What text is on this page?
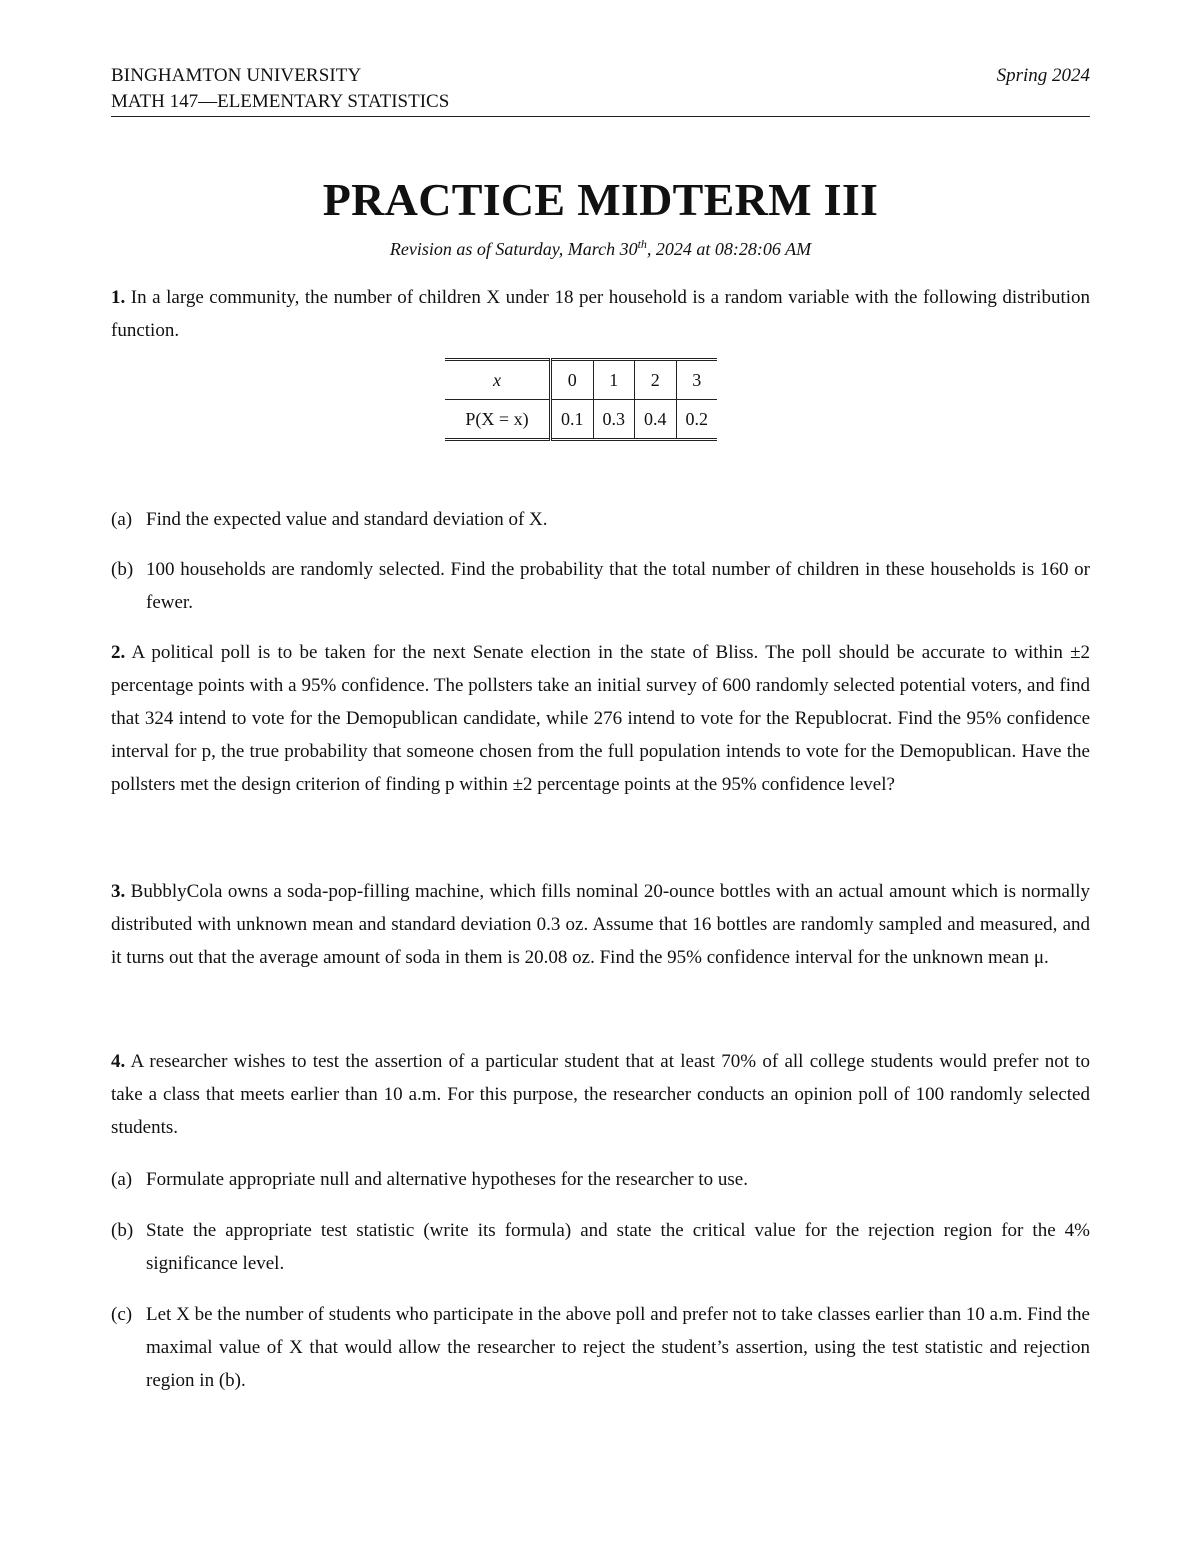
BINGHAMTON UNIVERSITY
MATH 147—ELEMENTARY STATISTICS
Spring 2024
PRACTICE MIDTERM III
Revision as of Saturday, March 30th, 2024 at 08:28:06 AM

1. In a large community, the number of children X under 18 per household is a random variable with the following distribution function.

x	0	1	2	3
P(X = x)	0.1	0.3	0.4	0.2
(a) Find the expected value and standard deviation of X.
(b) 100 households are randomly selected. Find the probability that the total number of children in these households is 160 or fewer.

2. A political poll is to be taken for the next Senate election in the state of Bliss. The poll should be accurate to within ±2 percentage points with a 95% confidence. The pollsters take an initial survey of 600 randomly selected potential voters, and find that 324 intend to vote for the Demopublican candidate, while 276 intend to vote for the Republocrat. Find the 95% confidence interval for p, the true probability that someone chosen from the full population intends to vote for the Demopublican. Have the pollsters met the design criterion of finding p within ±2 percentage points at the 95% confidence level?

3. BubblyCola owns a soda-pop-filling machine, which fills nominal 20-ounce bottles with an actual amount which is normally distributed with unknown mean and standard deviation 0.3 oz. Assume that 16 bottles are randomly sampled and measured, and it turns out that the average amount of soda in them is 20.08 oz. Find the 95% confidence interval for the unknown mean μ.

4. A researcher wishes to test the assertion of a particular student that at least 70% of all college students would prefer not to take a class that meets earlier than 10 a.m. For this purpose, the researcher conducts an opinion poll of 100 randomly selected students.

(a) Formulate appropriate null and alternative hypotheses for the researcher to use.
(b) State the appropriate test statistic (write its formula) and state the critical value for the rejection region for the 4% significance level.
(c) Let X be the number of students who participate in the above poll and prefer not to take classes earlier than 10 a.m. Find the maximal value of X that would allow the researcher to reject the student’s assertion, using the test statistic and rejection region in (b).
